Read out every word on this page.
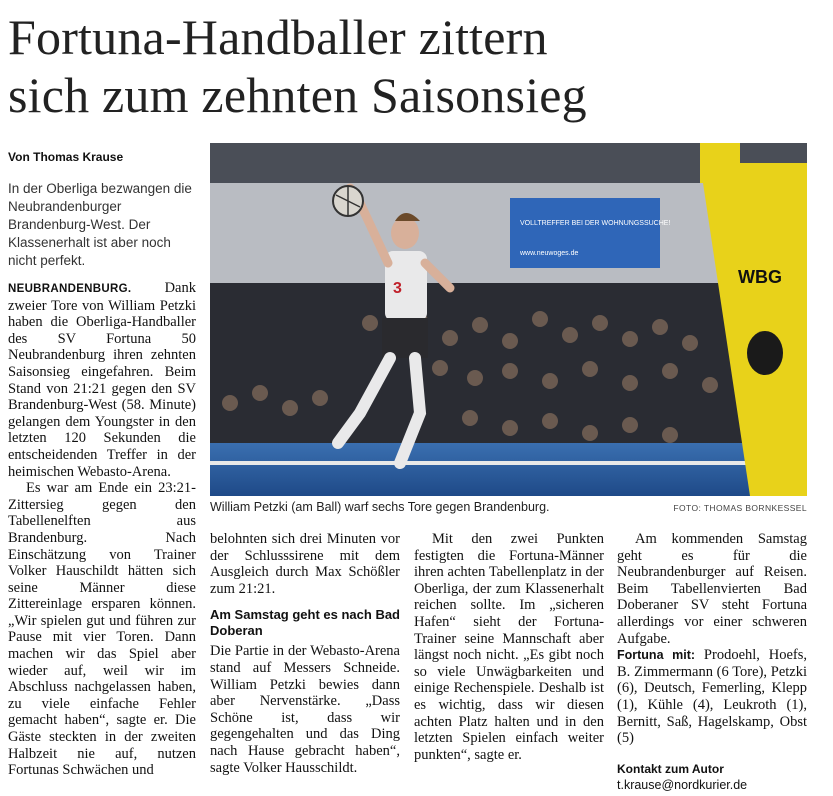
Fortuna-Handballer zittern
sich zum zehnten Saisonsieg
Von Thomas Krause
In der Oberliga bezwangen die Neubrandenburger Brandenburg-West. Der Klassenerhalt ist aber noch nicht perfekt.
VOLLTREFFER BEI DER WOHNUNGSSUCHE!
www.neuwoges.de
3
WBG
William Petzki (am Ball) warf sechs Tore gegen Brandenburg.	FOTO: THOMAS BORNKESSEL

NEUBRANDENBURG. Dank zweier Tore von William Petzki haben die Oberliga-Handballer des SV Fortuna 50 Neubrandenburg ihren zehnten Saisonsieg eingefahren. Beim Stand von 21:21 gegen den SV Brandenburg-West (58. Minute) gelangen dem Youngster in den letzten 120 Sekunden die entscheidenden Treffer in der heimischen Webasto-Arena.

Es war am Ende ein 23:21-Zittersieg gegen den Tabellenelften aus Brandenburg. Nach Einschätzung von Trainer Volker Hauschildt hätten sich seine Männer diese Zittereinlage ersparen können. „Wir spielen gut und führen zur Pause mit vier Toren. Dann machen wir das Spiel aber wieder auf, weil wir im Abschluss nachgelassen haben, zu viele einfache Fehler gemacht haben“, sagte er. Die Gäste steckten in der zweiten Halbzeit nie auf, nutzen Fortunas Schwächen und

belohnten sich drei Minuten vor der Schlusssirene mit dem Ausgleich durch Max Schößler zum 21:21.

Am Samstag geht es nach Bad Doberan

Die Partie in der Webasto-Arena stand auf Messers Schneide. William Petzki bewies dann aber Nervenstärke. „Dass Schöne ist, dass wir gegengehalten und das Ding nach Hause gebracht haben“, sagte Volker Hausschildt.

Mit den zwei Punkten festigten die Fortuna-Männer ihren achten Tabellenplatz in der Oberliga, der zum Klassenerhalt reichen sollte. Im „sicheren Hafen“ sieht der Fortuna-Trainer seine Mannschaft aber längst noch nicht. „Es gibt noch so viele Unwägbarkeiten und einige Rechenspiele. Deshalb ist es wichtig, dass wir diesen achten Platz halten und in den letzten Spielen einfach weiter punkten“, sagte er.

Am kommenden Samstag geht es für die Neubrandenburger auf Reisen. Beim Tabellenvierten Bad Doberaner SV steht Fortuna allerdings vor einer schweren Aufgabe.

Fortuna mit: Prodoehl, Hoefs, B. Zimmermann (6 Tore), Petzki (6), Deutsch, Femerling, Klepp (1), Kühle (4), Leukroth (1), Bernitt, Saß, Hagelskamp, Obst (5)

Kontakt zum Autor
t.krause@nordkurier.de
